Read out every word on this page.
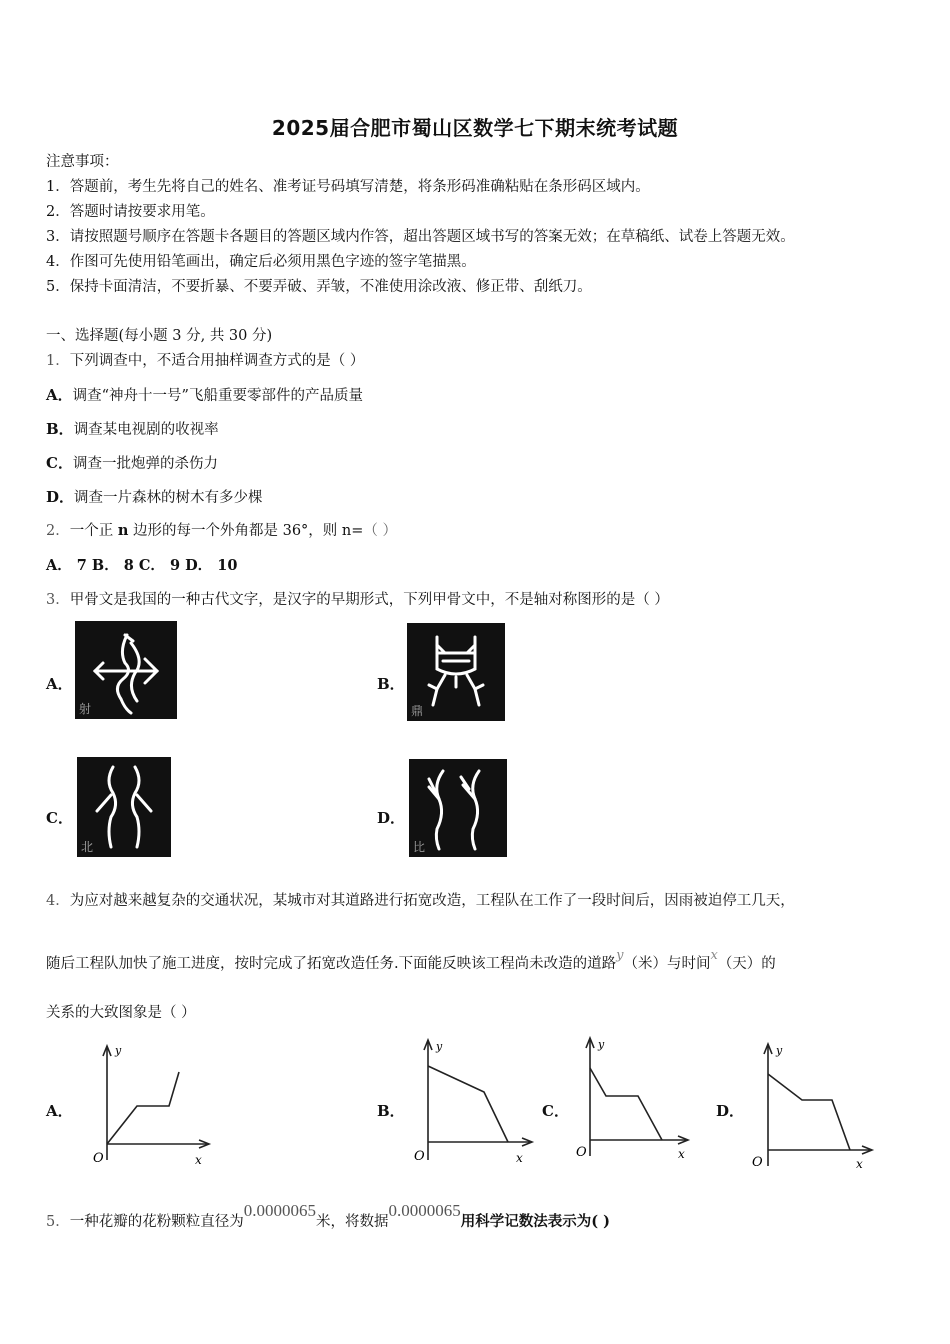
2025届合肥市蜀山区数学七下期末统考试题
注意事项：
1．答题前，考生先将自己的姓名、准考证号码填写清楚，将条形码准确粘贴在条形码区域内。
2．答题时请按要求用笔。
3．请按照题号顺序在答题卡各题目的答题区域内作答，超出答题区域书写的答案无效；在草稿纸、试卷上答题无效。
4．作图可先使用铅笔画出，确定后必须用黑色字迹的签字笔描黑。
5．保持卡面清洁，不要折暴、不要弄破、弄皱，不准使用涂改液、修正带、刮纸刀。
一、选择题(每小题 3 分, 共 30 分)
1．下列调查中，不适合用抽样调查方式的是（ ）
A．调查“神舟十一号”飞船重要零部件的产品质量
B．调查某电视剧的收视率
C．调查一批炮弹的杀伤力
D．调查一片森林的树木有多少棵
2．一个正 n 边形的每一个外角都是 36°，则 n=（ ）
A． 7 B． 8 C． 9 D． 10
3．甲骨文是我国的一种古代文字，是汉字的早期形式，下列甲骨文中，不是轴对称图形的是（ ）
A．
射
B．
鼎
C．
北
D．
比
4．为应对越来越复杂的交通状况，某城市对其道路进行拓宽改造，工程队在工作了一段时间后，因雨被迫停工几天，
随后工程队加快了施工进度，按时完成了拓宽改造任务.下面能反映该工程尚未改造的道路y（米）与时间x（天）的
关系的大致图象是（ ）
A．
y
O	x
B．
y
O	x
C．
y
O	x
D．
y
O	x
5．一种花瓣的花粉颗粒直径为0.0000065米，将数据0.0000065用科学记数法表示为( )
